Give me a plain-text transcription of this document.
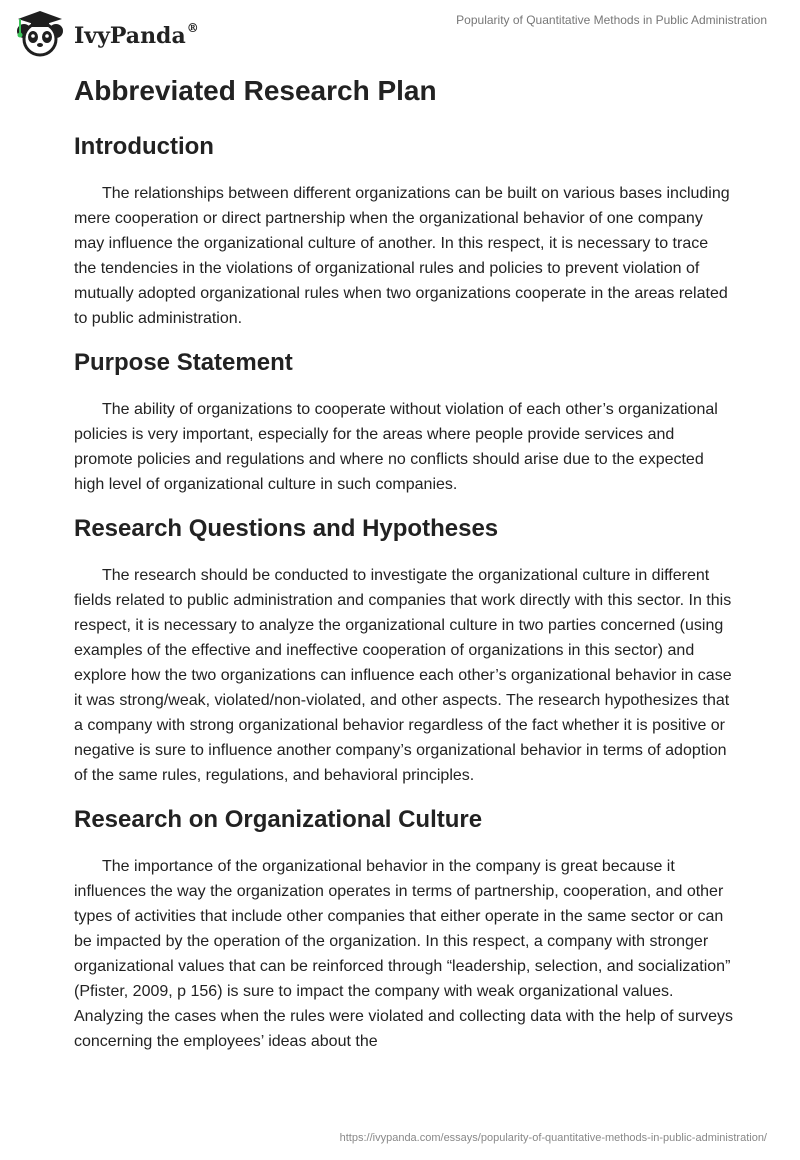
IvyPanda®
Popularity of Quantitative Methods in Public Administration
Abbreviated Research Plan
Introduction

The relationships between different organizations can be built on various bases including mere cooperation or direct partnership when the organizational behavior of one company may influence the organizational culture of another. In this respect, it is necessary to trace the tendencies in the violations of organizational rules and policies to prevent violation of mutually adopted organizational rules when two organizations cooperate in the areas related to public administration.

Purpose Statement

The ability of organizations to cooperate without violation of each other’s organizational policies is very important, especially for the areas where people provide services and promote policies and regulations and where no conflicts should arise due to the expected high level of organizational culture in such companies.

Research Questions and Hypotheses

The research should be conducted to investigate the organizational culture in different fields related to public administration and companies that work directly with this sector. In this respect, it is necessary to analyze the organizational culture in two parties concerned (using examples of the effective and ineffective cooperation of organizations in this sector) and explore how the two organizations can influence each other’s organizational behavior in case it was strong/weak, violated/non-violated, and other aspects. The research hypothesizes that a company with strong organizational behavior regardless of the fact whether it is positive or negative is sure to influence another company’s organizational behavior in terms of adoption of the same rules, regulations, and behavioral principles.

Research on Organizational Culture

The importance of the organizational behavior in the company is great because it influences the way the organization operates in terms of partnership, cooperation, and other types of activities that include other companies that either operate in the same sector or can be impacted by the operation of the organization. In this respect, a company with stronger organizational values that can be reinforced through “leadership, selection, and socialization” (Pfister, 2009, p 156) is sure to impact the company with weak organizational values. Analyzing the cases when the rules were violated and collecting data with the help of surveys concerning the employees’ ideas about the

https://ivypanda.com/essays/popularity-of-quantitative-methods-in-public-administration/
